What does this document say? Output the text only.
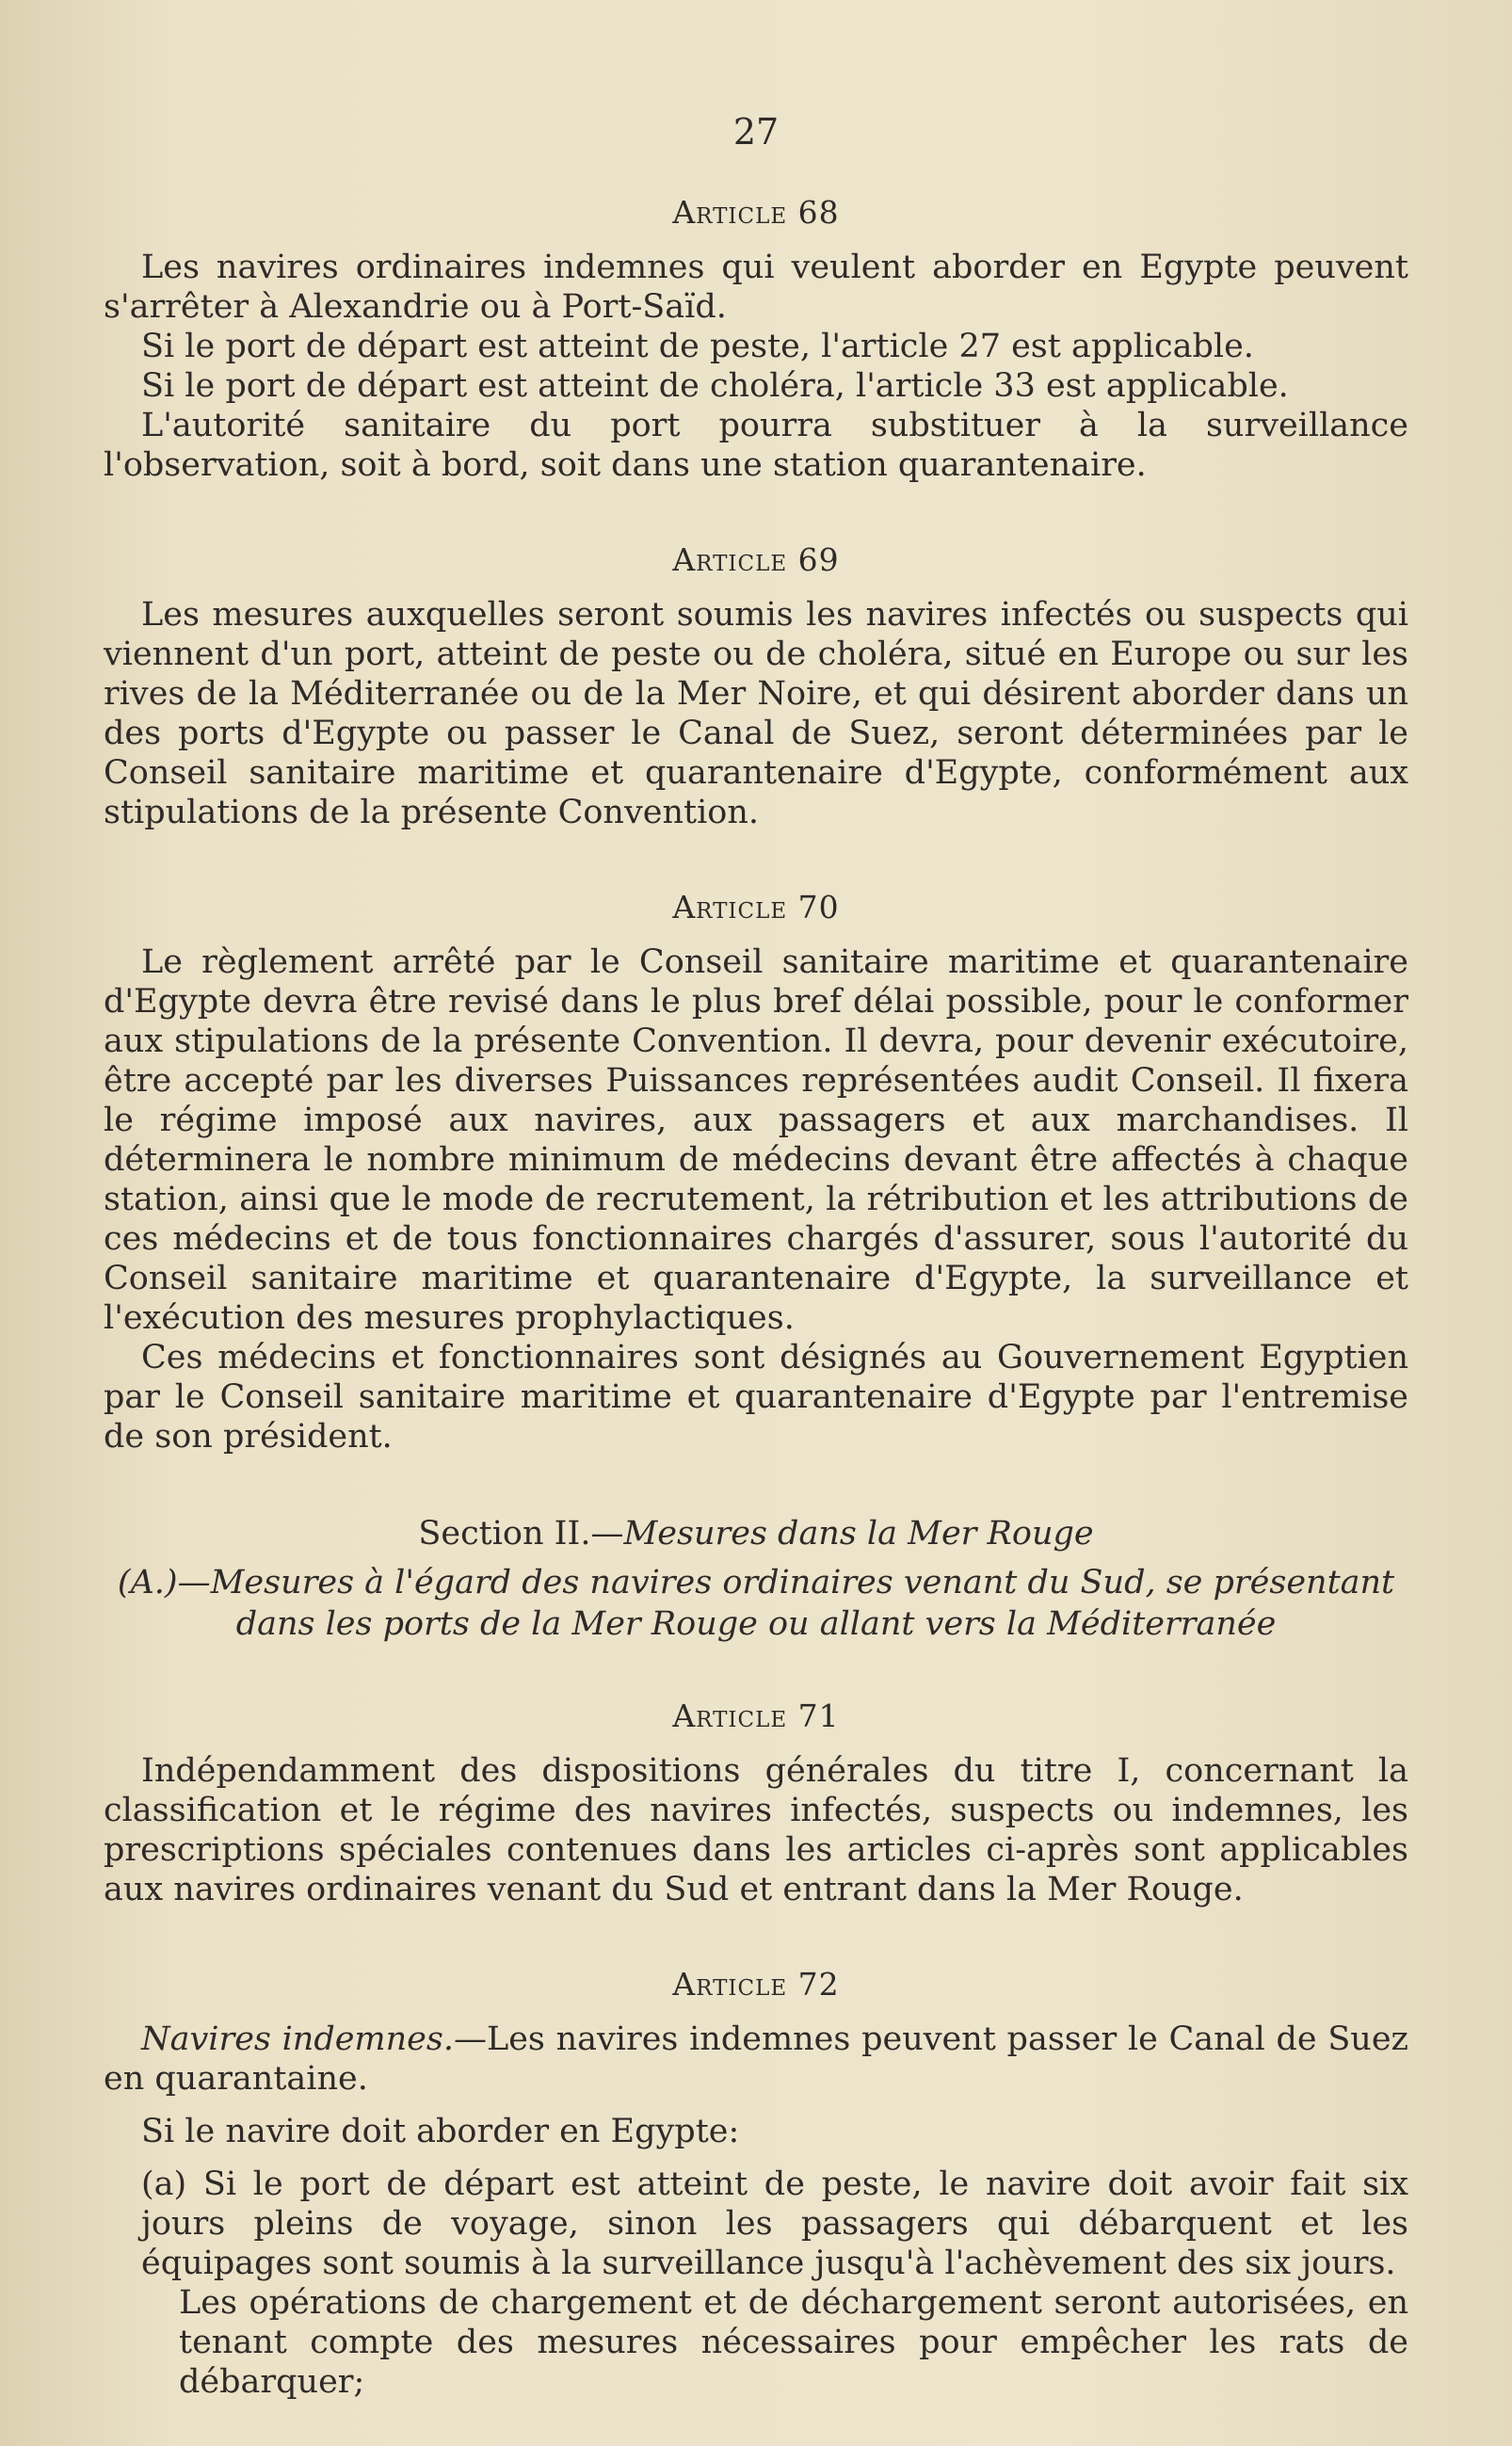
27
Article 68

Les navires ordinaires indemnes qui veulent aborder en Egypte peuvent s'arrêter à Alexandrie ou à Port-Saïd.

Si le port de départ est atteint de peste, l'article 27 est applicable.

Si le port de départ est atteint de choléra, l'article 33 est applicable.

L'autorité sanitaire du port pourra substituer à la surveillance l'observation, soit à bord, soit dans une station quarantenaire.

Article 69

Les mesures auxquelles seront soumis les navires infectés ou suspects qui viennent d'un port, atteint de peste ou de choléra, situé en Europe ou sur les rives de la Méditerranée ou de la Mer Noire, et qui désirent aborder dans un des ports d'Egypte ou passer le Canal de Suez, seront déterminées par le Conseil sanitaire maritime et quarantenaire d'Egypte, conformément aux stipulations de la présente Convention.

Article 70

Le règlement arrêté par le Conseil sanitaire maritime et quarantenaire d'Egypte devra être revisé dans le plus bref délai possible, pour le conformer aux stipulations de la présente Convention. Il devra, pour devenir exécutoire, être accepté par les diverses Puissances représentées audit Conseil. Il fixera le régime imposé aux navires, aux passagers et aux marchandises. Il déterminera le nombre minimum de médecins devant être affectés à chaque station, ainsi que le mode de recrutement, la rétribution et les attributions de ces médecins et de tous fonctionnaires chargés d'assurer, sous l'autorité du Conseil sanitaire maritime et quarantenaire d'Egypte, la surveillance et l'exécution des mesures prophylactiques.

Ces médecins et fonctionnaires sont désignés au Gouvernement Egyptien par le Conseil sanitaire maritime et quarantenaire d'Egypte par l'entremise de son président.

Section II.—Mesures dans la Mer Rouge
(A.)—Mesures à l'égard des navires ordinaires venant du Sud, se présentant dans les ports de la Mer Rouge ou allant vers la Méditerranée
Article 71

Indépendamment des dispositions générales du titre I, concernant la classification et le régime des navires infectés, suspects ou indemnes, les prescriptions spéciales contenues dans les articles ci-après sont applicables aux navires ordinaires venant du Sud et entrant dans la Mer Rouge.

Article 72

Navires indemnes.—Les navires indemnes peuvent passer le Canal de Suez en quarantaine.

Si le navire doit aborder en Egypte:

(a) Si le port de départ est atteint de peste, le navire doit avoir fait six jours pleins de voyage, sinon les passagers qui débarquent et les équipages sont soumis à la surveillance jusqu'à l'achèvement des six jours.

Les opérations de chargement et de déchargement seront autorisées, en tenant compte des mesures nécessaires pour empêcher les rats de débarquer;
